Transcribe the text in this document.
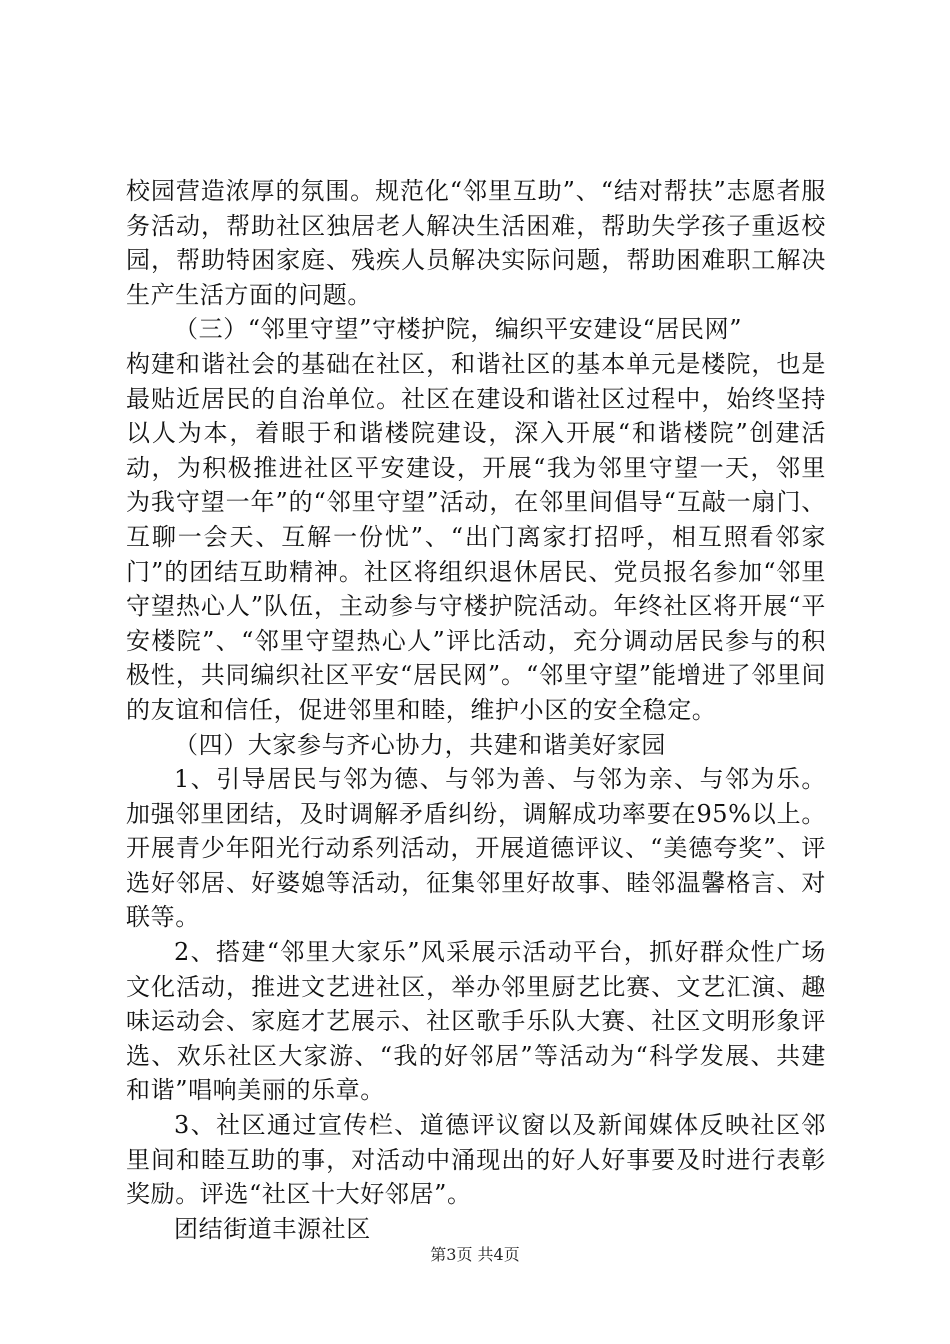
校园营造浓厚的氛围。规范化“邻里互助”、“结对帮扶”志愿者服务活动，帮助社区独居老人解决生活困难，帮助失学孩子重返校园，帮助特困家庭、残疾人员解决实际问题，帮助困难职工解决生产生活方面的问题。

（三）“邻里守望”守楼护院，编织平安建设“居民网”

构建和谐社会的基础在社区，和谐社区的基本单元是楼院，也是最贴近居民的自治单位。社区在建设和谐社区过程中，始终坚持以人为本，着眼于和谐楼院建设，深入开展“和谐楼院”创建活动，为积极推进社区平安建设，开展“我为邻里守望一天，邻里为我守望一年”的“邻里守望”活动，在邻里间倡导“互敲一扇门、互聊一会天、互解一份忧”、“出门离家打招呼，相互照看邻家门”的团结互助精神。社区将组织退休居民、党员报名参加“邻里守望热心人”队伍，主动参与守楼护院活动。年终社区将开展“平安楼院”、“邻里守望热心人”评比活动，充分调动居民参与的积极性，共同编织社区平安“居民网”。“邻里守望”能增进了邻里间的友谊和信任，促进邻里和睦，维护小区的安全稳定。

（四）大家参与齐心协力，共建和谐美好家园

1、引导居民与邻为德、与邻为善、与邻为亲、与邻为乐。加强邻里团结，及时调解矛盾纠纷，调解成功率要在95%以上。开展青少年阳光行动系列活动，开展道德评议、“美德夸奖”、评选好邻居、好婆媳等活动，征集邻里好故事、睦邻温馨格言、对联等。

2、搭建“邻里大家乐”风采展示活动平台，抓好群众性广场文化活动，推进文艺进社区，举办邻里厨艺比赛、文艺汇演、趣味运动会、家庭才艺展示、社区歌手乐队大赛、社区文明形象评选、欢乐社区大家游、“我的好邻居”等活动为“科学发展、共建和谐”唱响美丽的乐章。

3、社区通过宣传栏、道德评议窗以及新闻媒体反映社区邻里间和睦互助的事，对活动中涌现出的好人好事要及时进行表彰奖励。评选“社区十大好邻居”。

团结街道丰源社区

第3页 共4页
